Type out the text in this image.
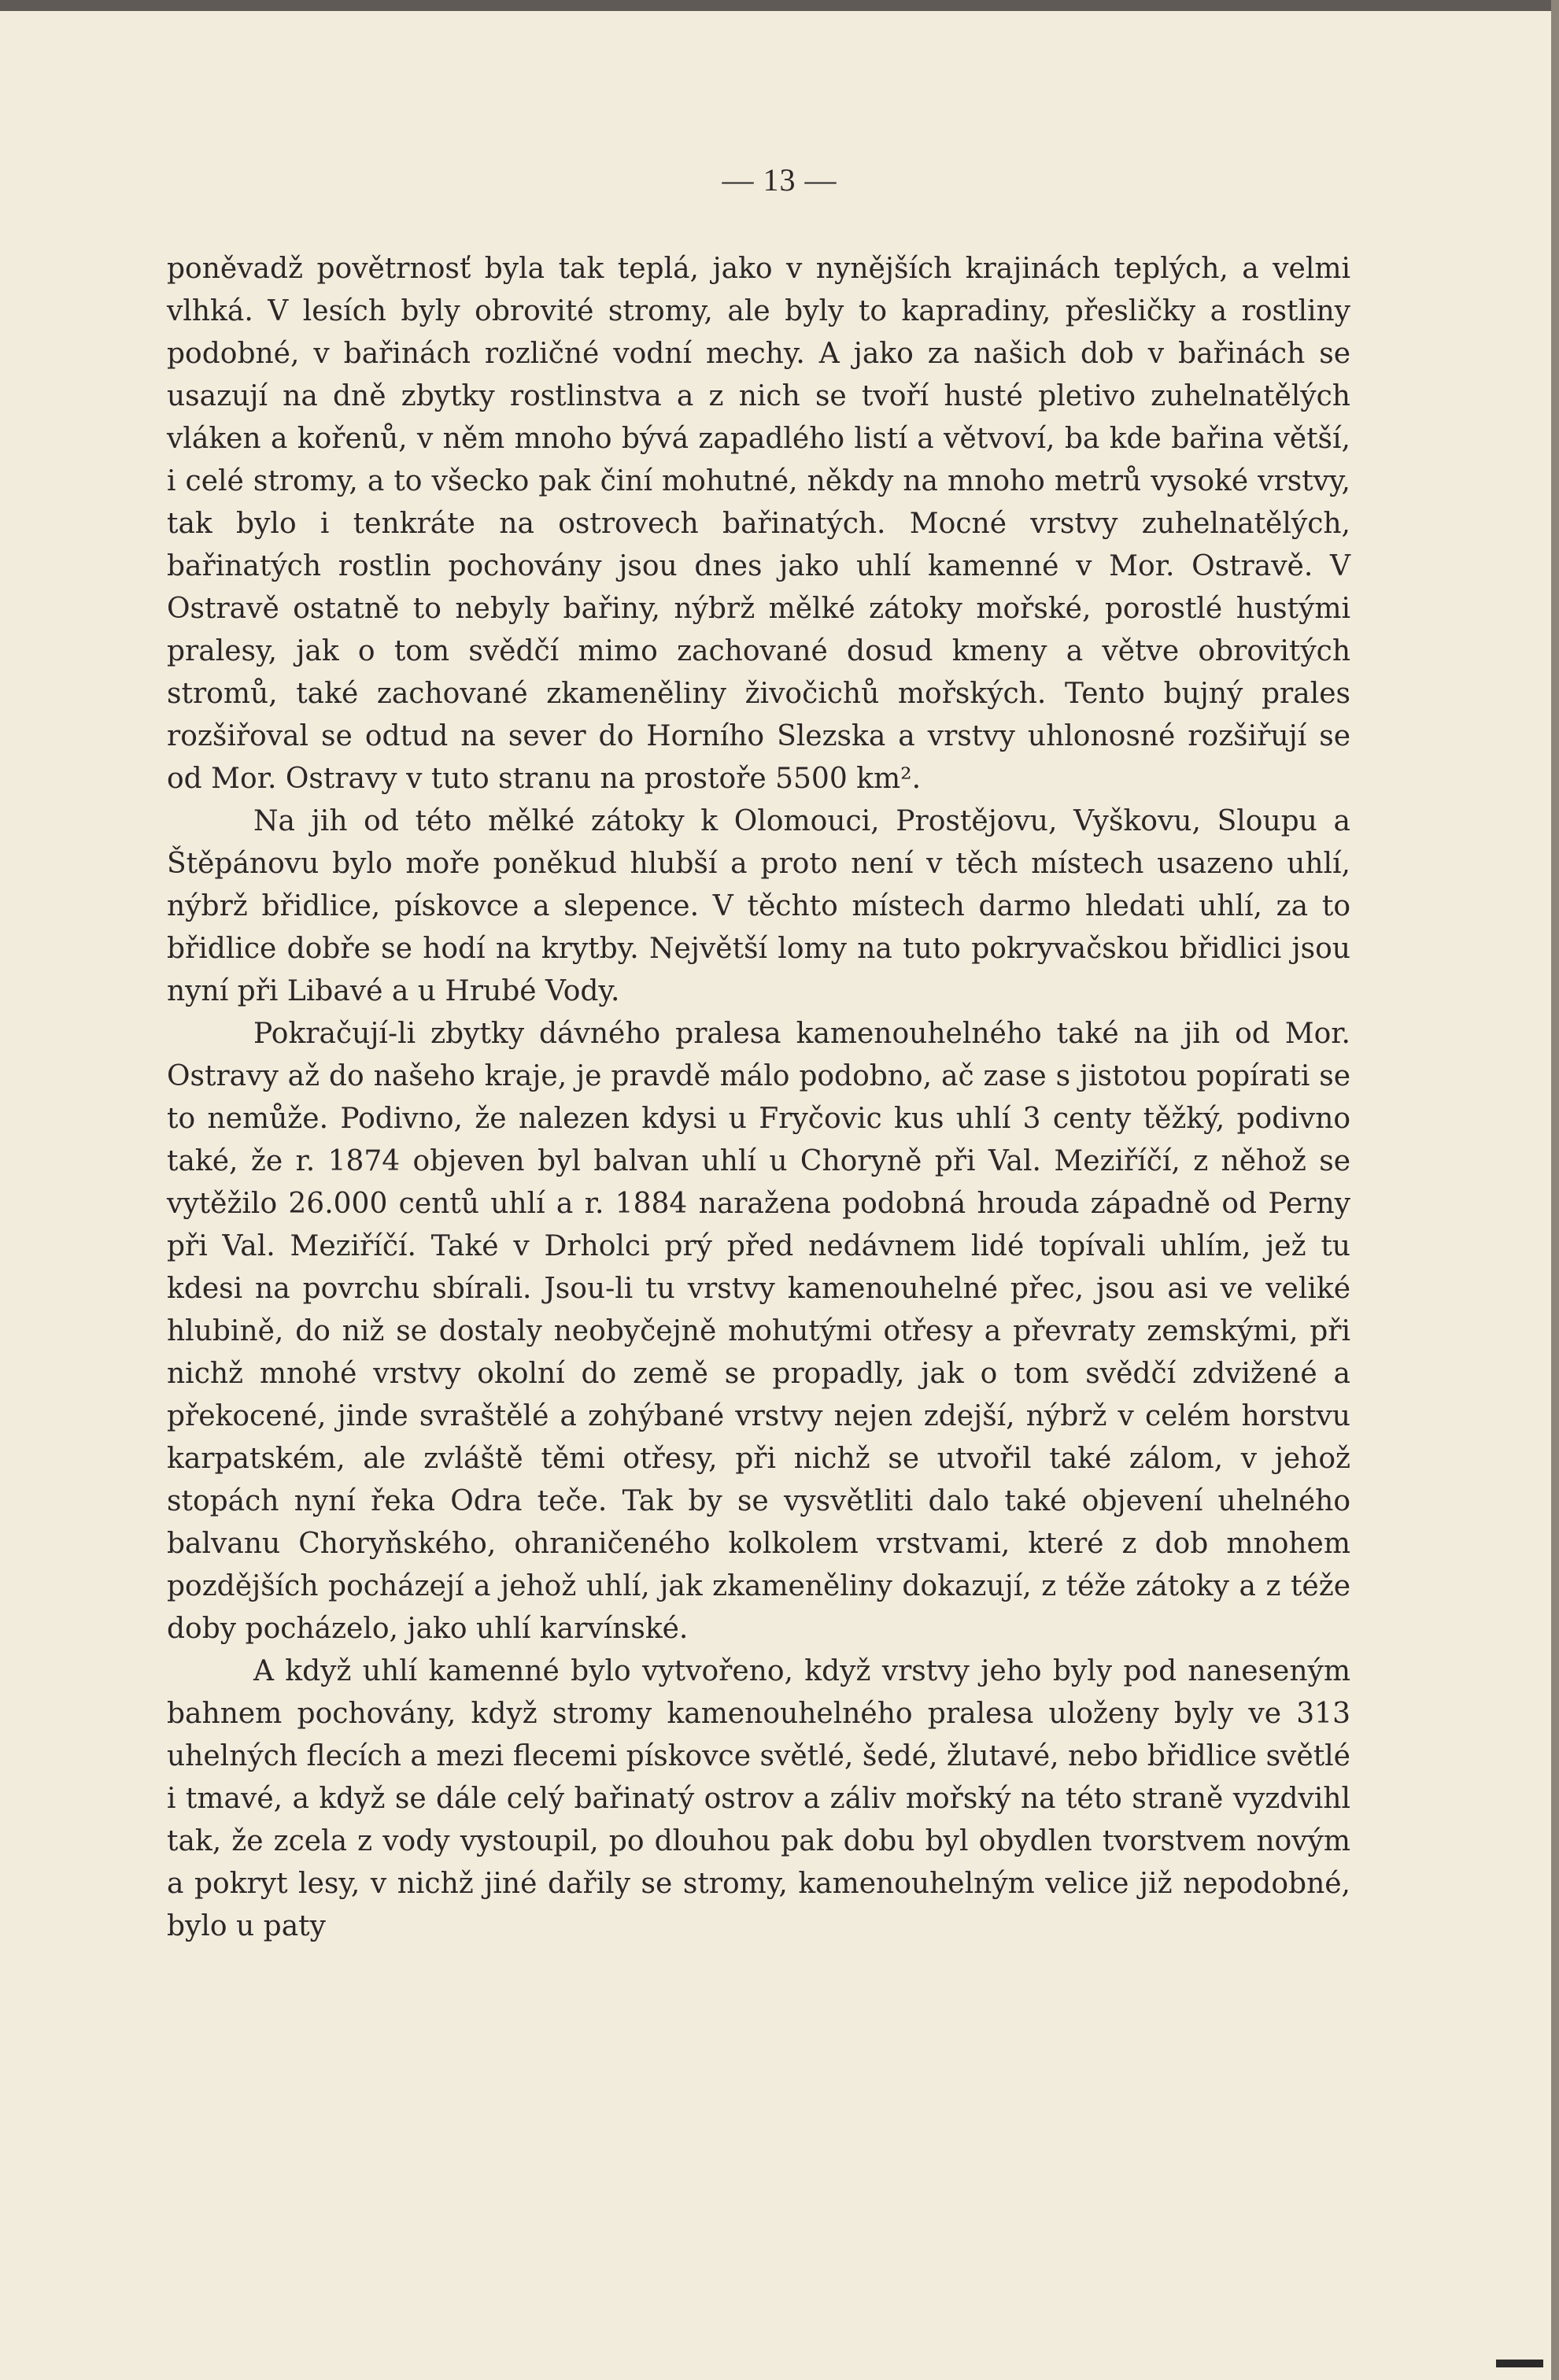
— 13 —

poněvadž povětrnosť byla tak teplá, jako v nynějších krajinách teplých, a velmi vlhká. V lesích byly obrovité stromy, ale byly to kapradiny, přesličky a rostliny podobné, v bařinách rozličné vodní mechy. A jako za našich dob v bařinách se usazují na dně zbytky rostlinstva a z nich se tvoří husté pletivo zuhelnatělých vláken a kořenů, v něm mnoho bývá zapadlého listí a větvoví, ba kde bařina větší, i celé stromy, a to všecko pak činí mohutné, někdy na mnoho metrů vysoké vrstvy, tak bylo i tenkráte na ostrovech bařinatých. Mocné vrstvy zuhelnatělých, bařinatých rostlin pochovány jsou dnes jako uhlí kamenné v Mor. Ostravě. V Ostravě ostatně to nebyly bařiny, nýbrž mělké zátoky mořské, porostlé hustými pralesy, jak o tom svědčí mimo zachované dosud kmeny a větve obrovitých stromů, také zachované zkameněliny živočichů mořských. Tento bujný prales rozšiřoval se odtud na sever do Horního Slezska a vrstvy uhlonosné rozšiřují se od Mor. Ostravy v tuto stranu na prostoře 5500 km².

Na jih od této mělké zátoky k Olomouci, Prostějovu, Vyškovu, Sloupu a Štěpánovu bylo moře poněkud hlubší a proto není v těch místech usazeno uhlí, nýbrž břidlice, pískovce a slepence. V těchto místech darmo hledati uhlí, za to břidlice dobře se hodí na krytby. Největší lomy na tuto pokryvačskou břidlici jsou nyní při Libavé a u Hrubé Vody.

Pokračují-li zbytky dávného pralesa kamenouhelného také na jih od Mor. Ostravy až do našeho kraje, je pravdě málo podobno, ač zase s jistotou popírati se to nemůže. Podivno, že nalezen kdysi u Fryčovic kus uhlí 3 centy těžký, podivno také, že r. 1874 objeven byl balvan uhlí u Choryně při Val. Meziříčí, z něhož se vytěžilo 26.000 centů uhlí a r. 1884 naražena podobná hrouda západně od Perny při Val. Meziříčí. Také v Drholci prý před nedávnem lidé topívali uhlím, jež tu kdesi na povrchu sbírali. Jsou-li tu vrstvy kamenouhelné přec, jsou asi ve veliké hlubině, do niž se dostaly neobyčejně mohutými otřesy a převraty zemskými, při nichž mnohé vrstvy okolní do země se propadly, jak o tom svědčí zdvižené a překocené, jinde svraštělé a zohýbané vrstvy nejen zdejší, nýbrž v celém horstvu karpatském, ale zvláště těmi otřesy, při nichž se utvořil také zálom, v jehož stopách nyní řeka Odra teče. Tak by se vysvětliti dalo také objevení uhelného balvanu Choryňského, ohraničeného kolkolem vrstvami, které z dob mnohem pozdějších pocházejí a jehož uhlí, jak zkameněliny dokazují, z téže zátoky a z téže doby pocházelo, jako uhlí karvínské.

A když uhlí kamenné bylo vytvořeno, když vrstvy jeho byly pod naneseným bahnem pochovány, když stromy kamenouhelného pralesa uloženy byly ve 313 uhelných flecích a mezi flecemi pískovce světlé, šedé, žlutavé, nebo břidlice světlé i tmavé, a když se dále celý bařinatý ostrov a záliv mořský na této straně vyzdvihl tak, že zcela z vody vystoupil, po dlouhou pak dobu byl obydlen tvorstvem novým a pokryt lesy, v nichž jiné dařily se stromy, kamenouhelným velice již nepodobné, bylo u paty
